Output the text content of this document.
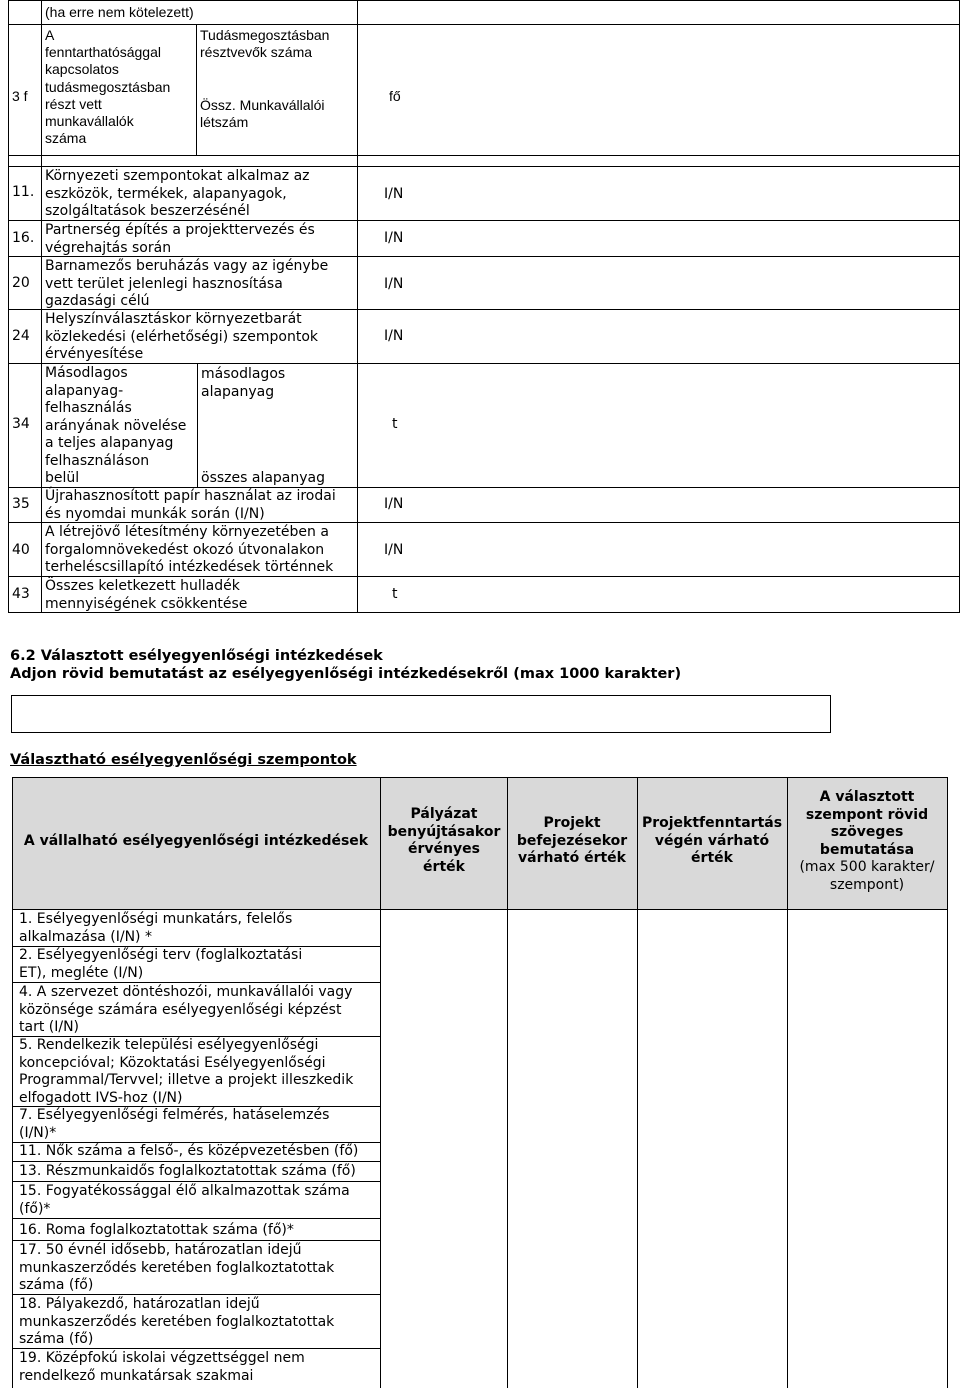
(ha erre nem kötelezett)
3 f
A
fenntarthatósággal
kapcsolatos
tudásmegosztásban
részt vett
munkavállalók
száma
Tudásmegosztásban
résztvevők száma
Össz. Munkavállalói
létszám
fő
11.
Környezeti szempontokat alkalmaz az
eszközök, termékek, alapanyagok,
szolgáltatások beszerzésénél
I/N
16. Partnerség építés a projekttervezés és
végrehajtás során
I/N
20
Barnamezős beruházás vagy az igénybe
vett terület jelenlegi hasznosítása
gazdasági célú
I/N
24
Helyszínválasztáskor környezetbarát
közlekedési (elérhetőségi) szempontok
érvényesítése
I/N
34
Másodlagos
alapanyag-
felhasználás
arányának növelése
a teljes alapanyag
felhasználáson
belül
másodlagos
alapanyag
összes alapanyag
t
35	Újrahasznosított papír használat az irodai
és nyomdai munkák során (I/N)
I/N
40
A létrejövő létesítmény környezetében a
forgalomnövekedést okozó útvonalakon
terheléscsillapító intézkedések történnek
I/N
43	Összes keletkezett hulladék
mennyiségének csökkentése
t
6.2 Választott esélyegyenlőségi intézkedések
Adjon rövid bemutatást az esélyegyenlőségi intézkedésekről (max 1000 karakter)
Választható esélyegyenlőségi szempontok
A vállalható esélyegyenlőségi intézkedések
Pályázat
benyújtásakor
érvényes
érték
Projekt
befejezésekor
várható érték
Projektfenntartás
végén várható
érték
A választott
szempont rövid
szöveges
bemutatása
(max 500 karakter/
szempont)
1. Esélyegyenlőségi munkatárs, felelős
alkalmazása (I/N) *
2. Esélyegyenlőségi terv (foglalkoztatási
ET), megléte (I/N)
4. A szervezet döntéshozói, munkavállalói vagy
közönsége számára esélyegyenlőségi képzést
tart (I/N)
5. Rendelkezik települési esélyegyenlőségi
koncepcióval; Közoktatási Esélyegyenlőségi
Programmal/Tervvel; illetve a projekt illeszkedik
elfogadott IVS-hoz (I/N)
7. Esélyegyenlőségi felmérés, hatáselemzés
(I/N)*
11. Nők száma a felső-, és középvezetésben (fő)
13. Részmunkaidős foglalkoztatottak száma (fő)
15. Fogyatékossággal élő alkalmazottak száma
(fő)*
16. Roma foglalkoztatottak száma (fő)*
17. 50 évnél idősebb, határozatlan idejű
munkaszerződés keretében foglalkoztatottak
száma (fő)
18. Pályakezdő, határozatlan idejű
munkaszerződés keretében foglalkoztatottak
száma (fő)
19. Középfokú iskolai végzettséggel nem
rendelkező munkatársak szakmai
